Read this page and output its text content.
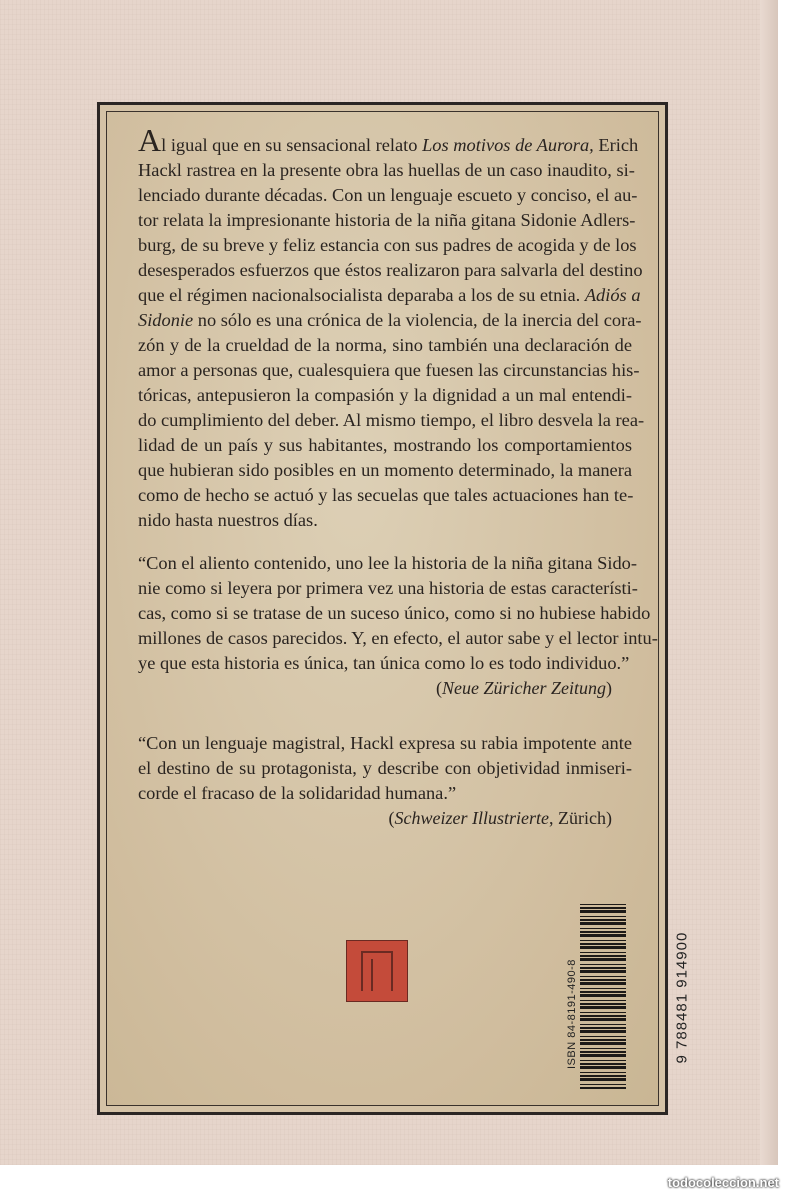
Al igual que en su sensacional relato Los motivos de Aurora, Erich
Hackl rastrea en la presente obra las huellas de un caso inaudito, si-
lenciado durante décadas. Con un lenguaje escueto y conciso, el au-
tor relata la impresionante historia de la niña gitana Sidonie Adlers-
burg, de su breve y feliz estancia con sus padres de acogida y de los
desesperados esfuerzos que éstos realizaron para salvarla del destino
que el régimen nacionalsocialista deparaba a los de su etnia. Adiós a
Sidonie no sólo es una crónica de la violencia, de la inercia del cora-
zón y de la crueldad de la norma, sino también una declaración de
amor a personas que, cualesquiera que fuesen las circunstancias his-
tóricas, antepusieron la compasión y la dignidad a un mal entendi-
do cumplimiento del deber. Al mismo tiempo, el libro desvela la rea-
lidad de un país y sus habitantes, mostrando los comportamientos
que hubieran sido posibles en un momento determinado, la manera
como de hecho se actuó y las secuelas que tales actuaciones han te-
nido hasta nuestros días.

“Con el aliento contenido, uno lee la historia de la niña gitana Sido-
nie como si leyera por primera vez una historia de estas característi-
cas, como si se tratase de un suceso único, como si no hubiese habido
millones de casos parecidos. Y, en efecto, el autor sabe y el lector intu-
ye que esta historia es única, tan única como lo es todo individuo.”
(Neue Züricher Zeitung)

“Con un lenguaje magistral, Hackl expresa su rabia impotente ante
el destino de su protagonista, y describe con objetividad inmiseri-
corde el fracaso de la solidaridad humana.”
(Schweizer Illustrierte, Zürich)

ISBN 84-8191-490-8	9 788481 914900
todocoleccion.net
